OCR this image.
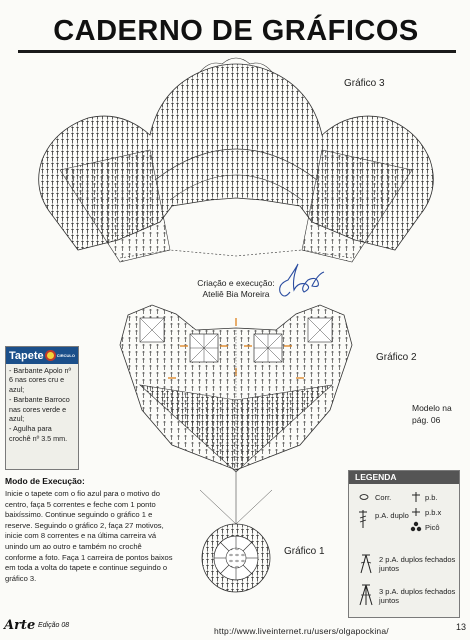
CADERNO DE GRÁFICOS
Gráfico 3
Gráfico 2
Gráfico 1
Criação e execução:
Ateliê Bia Moreira
Modelo na
pág. 06
Tapete	CIRCULO
- Barbante Apolo nº 6 nas cores cru e azul;
- Barbante Barroco nas cores verde e azul;
- Agulha para crochê nº 3.5 mm.
Modo de Execução:
Inicie o tapete com o fio azul para o motivo do centro, faça 5 correntes e feche com 1 ponto baixíssimo. Continue seguindo o gráfico 1 e reserve. Seguindo o gráfico 2, faça 27 motivos, inicie com 8 correntes e na última carreira vá unindo um ao outro e também no crochê conforme a foto. Faça 1 carreira de pontos baixos em toda a volta do tapete e continue seguindo o gráfico 3.
LEGENDA
Corr.	p.b.
p.A. duplo p.b.x
Picô
2 p.A. duplos fechados juntos
3 p.A. duplos fechados juntos
Arte Edição 08
http://www.liveinternet.ru/users/olgapockina/	13
